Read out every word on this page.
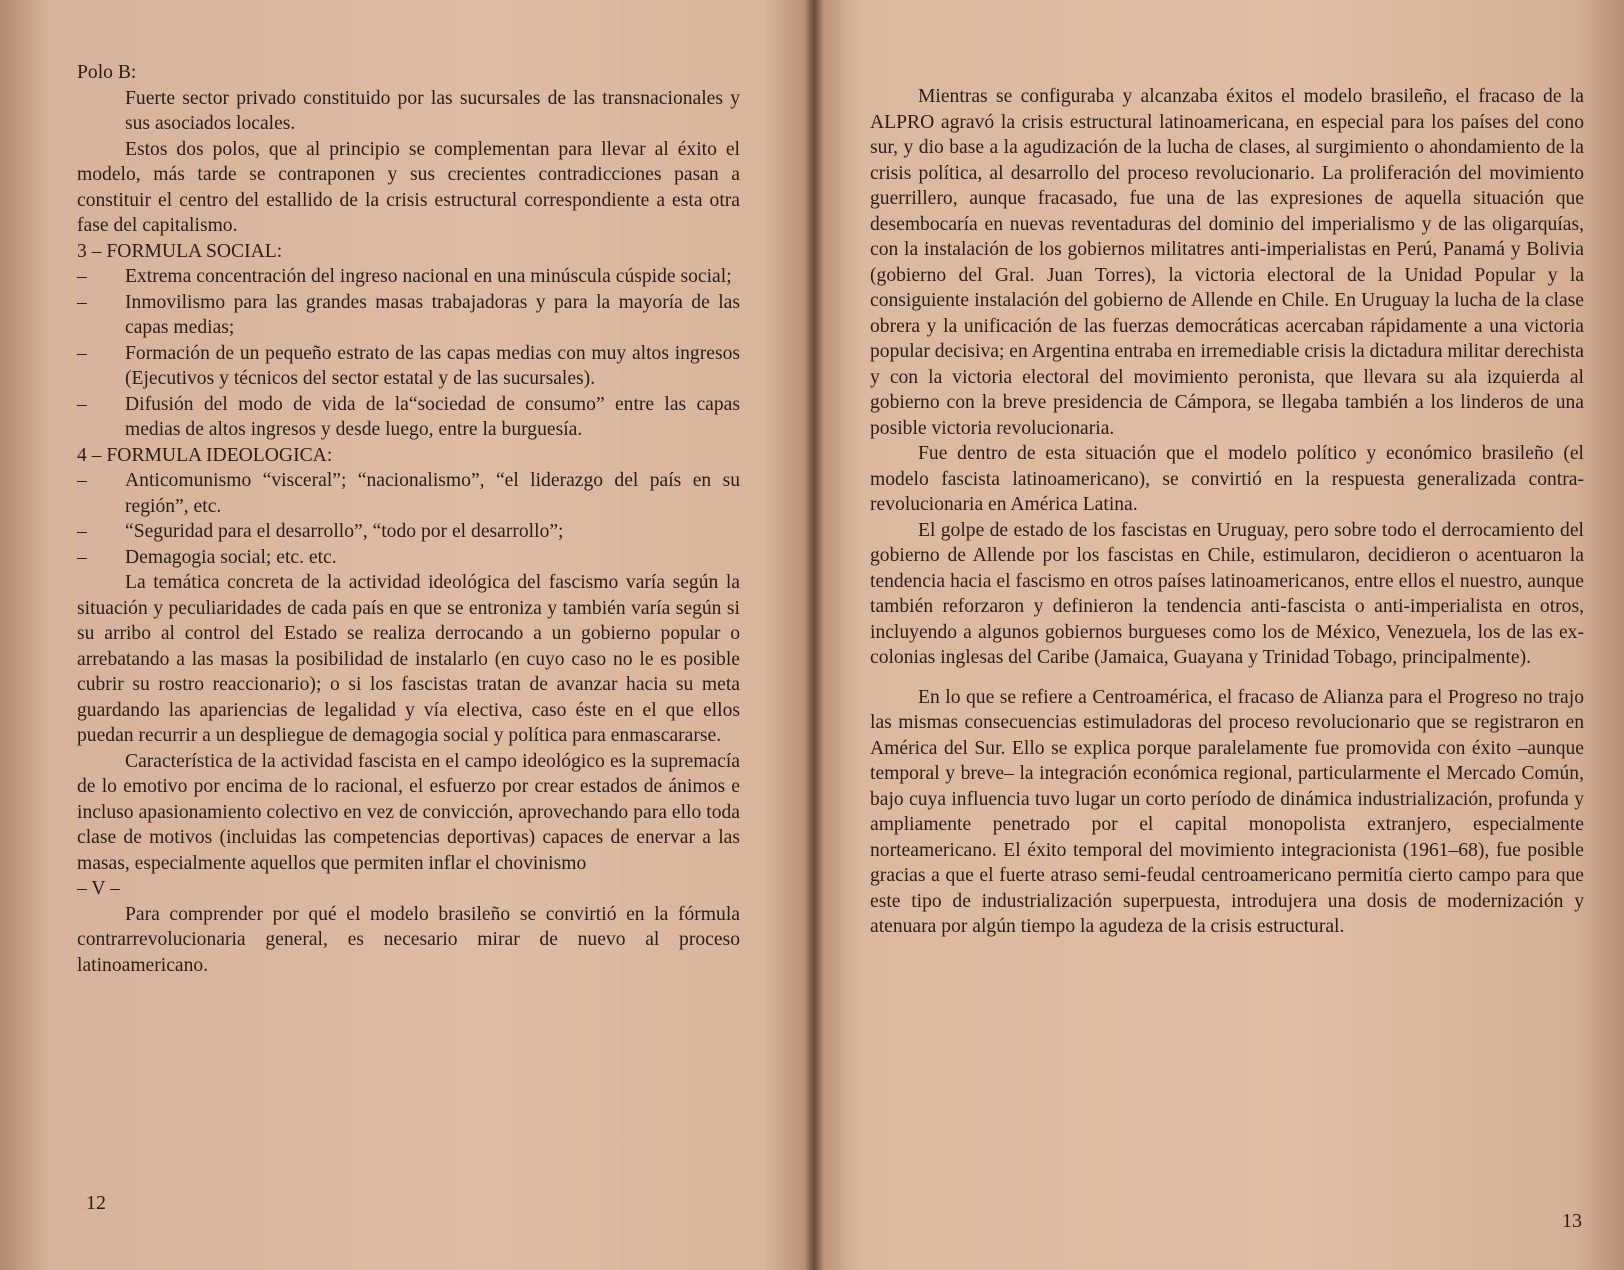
Polo B:

Fuerte sector privado constituido por las sucursales de las transnacionales y sus asociados locales.

Estos dos polos, que al principio se complementan para llevar al éxito el modelo, más tarde se contraponen y sus crecientes contradicciones pasan a constituir el centro del estallido de la crisis estructural correspondiente a esta otra fase del capitalismo.

3 – FORMULA SOCIAL:

–	Extrema concentración del ingreso nacional en una minúscula cúspide social;
–	Inmovilismo para las grandes masas trabajadoras y para la mayoría de las capas medias;
–	Formación de un pequeño estrato de las capas medias con muy altos ingresos (Ejecutivos y técnicos del sector estatal y de las sucursales).
–	Difusión del modo de vida de la“sociedad de consumo” entre las capas medias de altos ingresos y desde luego, entre la burguesía.

4 – FORMULA IDEOLOGICA:

–	Anticomunismo “visceral”; “nacionalismo”, “el liderazgo del país en su región”, etc.
–	“Seguridad para el desarrollo”, “todo por el desarrollo”;
–	Demagogia social; etc. etc.

La temática concreta de la actividad ideológica del fascismo varía según la situación y peculiaridades de cada país en que se entroniza y también varía según si su arribo al control del Estado se realiza derrocando a un gobierno popular o arrebatando a las masas la posibilidad de instalarlo (en cuyo caso no le es posible cubrir su rostro reaccionario); o si los fascistas tratan de avanzar hacia su meta guardando las apariencias de legalidad y vía electiva, caso éste en el que ellos puedan recurrir a un despliegue de demagogia social y política para enmascararse.

Característica de la actividad fascista en el campo ideológico es la supremacía de lo emotivo por encima de lo racional, el esfuerzo por crear estados de ánimos e incluso apasionamiento colectivo en vez de convicción, aprovechando para ello toda clase de motivos (incluidas las competencias deportivas) capaces de enervar a las masas, especialmente aquellos que permiten inflar el chovinismo

– V –

Para comprender por qué el modelo brasileño se convirtió en la fórmula contrarrevolucionaria general, es necesario mirar de nuevo al proceso latinoamericano.

12

Mientras se configuraba y alcanzaba éxitos el modelo brasileño, el fracaso de la ALPRO agravó la crisis estructural latinoamericana, en especial para los países del cono sur, y dio base a la agudización de la lucha de clases, al surgimiento o ahondamiento de la crisis política, al desarrollo del proceso revolucionario. La proliferación del movimiento guerrillero, aunque fracasado, fue una de las expresiones de aquella situación que desembocaría en nuevas reventaduras del dominio del imperialismo y de las oligarquías, con la instalación de los gobiernos militatres anti-imperialistas en Perú, Panamá y Bolivia (gobierno del Gral. Juan Torres), la victoria electoral de la Unidad Popular y la consiguiente instalación del gobierno de Allende en Chile. En Uruguay la lucha de la clase obrera y la unificación de las fuerzas democráticas acercaban rápidamente a una victoria popular decisiva; en Argentina entraba en irremediable crisis la dictadura militar derechista y con la victoria electoral del movimiento peronista, que llevara su ala izquierda al gobierno con la breve presidencia de Cámpora, se llegaba también a los linderos de una posible victoria revolucionaria.

Fue dentro de esta situación que el modelo político y económico brasileño (el modelo fascista latinoamericano), se convirtió en la respuesta generalizada contra-revolucionaria en América Latina.

El golpe de estado de los fascistas en Uruguay, pero sobre todo el derrocamiento del gobierno de Allende por los fascistas en Chile, estimularon, decidieron o acentuaron la tendencia hacia el fascismo en otros países latinoamericanos, entre ellos el nuestro, aunque también reforzaron y definieron la tendencia anti-fascista o anti-imperialista en otros, incluyendo a algunos gobiernos burgueses como los de México, Venezuela, los de las ex-colonias inglesas del Caribe (Jamaica, Guayana y Trinidad Tobago, principalmente).

En lo que se refiere a Centroamérica, el fracaso de Alianza para el Progreso no trajo las mismas consecuencias estimuladoras del proceso revolucionario que se registraron en América del Sur. Ello se explica porque paralelamente fue promovida con éxito –aunque temporal y breve– la integración económica regional, particularmente el Mercado Común, bajo cuya influencia tuvo lugar un corto período de dinámica industrialización, profunda y ampliamente penetrado por el capital monopolista extranjero, especialmente norteamericano. El éxito temporal del movimiento integracionista (1961–68), fue posible gracias a que el fuerte atraso semi-feudal centroamericano permitía cierto campo para que este tipo de industrialización superpuesta, introdujera una dosis de modernización y atenuara por algún tiempo la agudeza de la crisis estructural.

13
